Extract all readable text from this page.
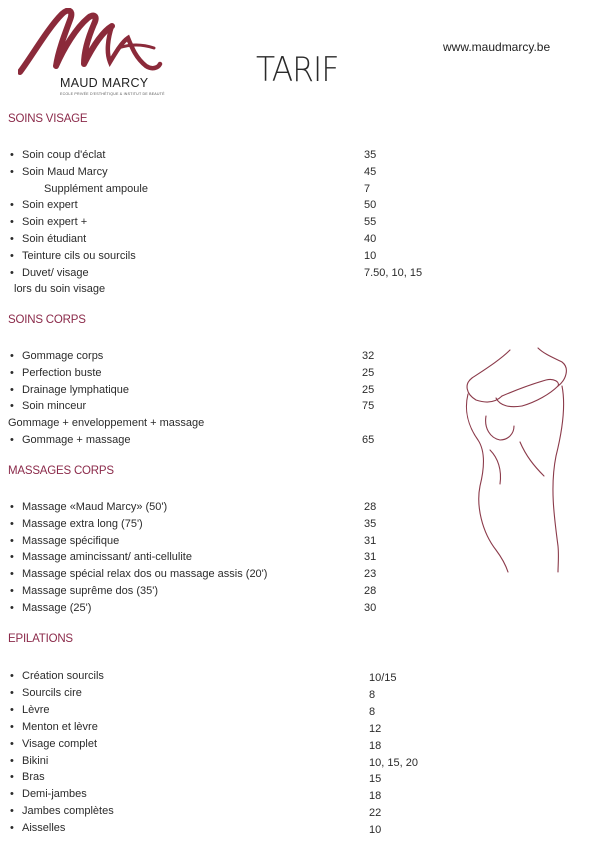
MAUD MARCY
ECOLE PRIVÉE D'ESTHÉTIQUE & INSTITUT DE BEAUTÉ
TARIF
www.maudmarcy.be
SOINS VISAGE
• Soin coup d'éclat	35
• Soin Maud Marcy	45
Supplément ampoule	7
• Soin expert	50
• Soin expert +	55
• Soin étudiant	40
• Teinture cils ou sourcils	10
• Duvet/ visage	7.50, 10, 15
lors du soin visage
SOINS CORPS
• Gommage corps	32
• Perfection buste	25
• Drainage lymphatique	25
• Soin minceur	75
Gommage + enveloppement + massage
• Gommage + massage	65
MASSAGES CORPS
• Massage «Maud Marcy» (50')	28
• Massage extra long (75')	35
• Massage spécifique	31
• Massage amincissant/ anti-cellulite	31
• Massage spécial relax dos ou massage assis (20')	23
• Massage suprême dos (35')	28
• Massage (25')	30
EPILATIONS
• Création sourcils	10/15
• Sourcils cire	8
• Lèvre	8
• Menton et lèvre	12
• Visage complet	18
• Bikini	10, 15, 20
• Bras	15
• Demi-jambes	18
• Jambes complètes	22
• Aisselles	10
